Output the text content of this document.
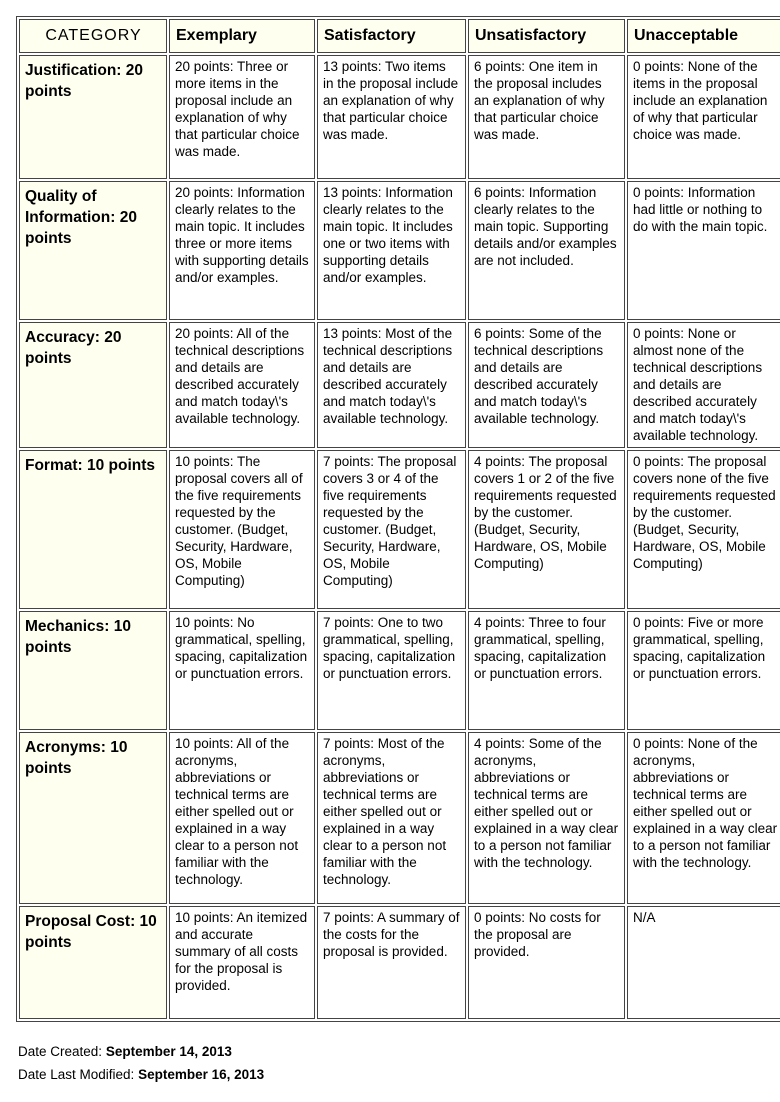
CATEGORY	Exemplary	Satisfactory	Unsatisfactory	Unacceptable
Justification: 20 points	20 points: Three or more items in the proposal include an explanation of why that particular choice was made.	13 points: Two items in the proposal include an explanation of why that particular choice was made.	6 points: One item in the proposal includes an explanation of why that particular choice was made.	0 points: None of the items in the proposal include an explanation of why that particular choice was made.
Quality of Information: 20 points	20 points: Information clearly relates to the main topic. It includes three or more items with supporting details and/or examples.	13 points: Information clearly relates to the main topic. It includes one or two items with supporting details and/or examples.	6 points: Information clearly relates to the main topic. Supporting details and/or examples are not included.	0 points: Information had little or nothing to do with the main topic.
Accuracy: 20 points	20 points: All of the technical descriptions and details are described accurately and match today\'s available technology.	13 points: Most of the technical descriptions and details are described accurately and match today\'s available technology.	6 points: Some of the technical descriptions and details are described accurately and match today\'s available technology.	0 points: None or almost none of the technical descriptions and details are described accurately and match today\'s available technology.
Format: 10 points	10 points: The proposal covers all of the five requirements requested by the customer. (Budget, Security, Hardware, OS, Mobile Computing)	7 points: The proposal covers 3 or 4 of the five requirements requested by the customer. (Budget, Security, Hardware, OS, Mobile Computing)	4 points: The proposal covers 1 or 2 of the five requirements requested by the customer. (Budget, Security, Hardware, OS, Mobile Computing)	0 points: The proposal covers none of the five requirements requested by the customer. (Budget, Security, Hardware, OS, Mobile Computing)
Mechanics: 10 points	10 points: No grammatical, spelling, spacing, capitalization or punctuation errors.	7 points: One to two grammatical, spelling, spacing, capitalization or punctuation errors.	4 points: Three to four grammatical, spelling, spacing, capitalization or punctuation errors.	0 points: Five or more grammatical, spelling, spacing, capitalization or punctuation errors.
Acronyms: 10 points	10 points: All of the acronyms, abbreviations or technical terms are either spelled out or explained in a way clear to a person not familiar with the technology.	7 points: Most of the acronyms, abbreviations or technical terms are either spelled out or explained in a way clear to a person not familiar with the technology.	4 points: Some of the acronyms, abbreviations or technical terms are either spelled out or explained in a way clear to a person not familiar with the technology.	0 points: None of the acronyms, abbreviations or technical terms are either spelled out or explained in a way clear to a person not familiar with the technology.
Proposal Cost: 10 points	10 points: An itemized and accurate summary of all costs for the proposal is provided.	7 points: A summary of the costs for the proposal is provided.	0 points: No costs for the proposal are provided.	N/A
Date Created: September 14, 2013
Date Last Modified: September 16, 2013
